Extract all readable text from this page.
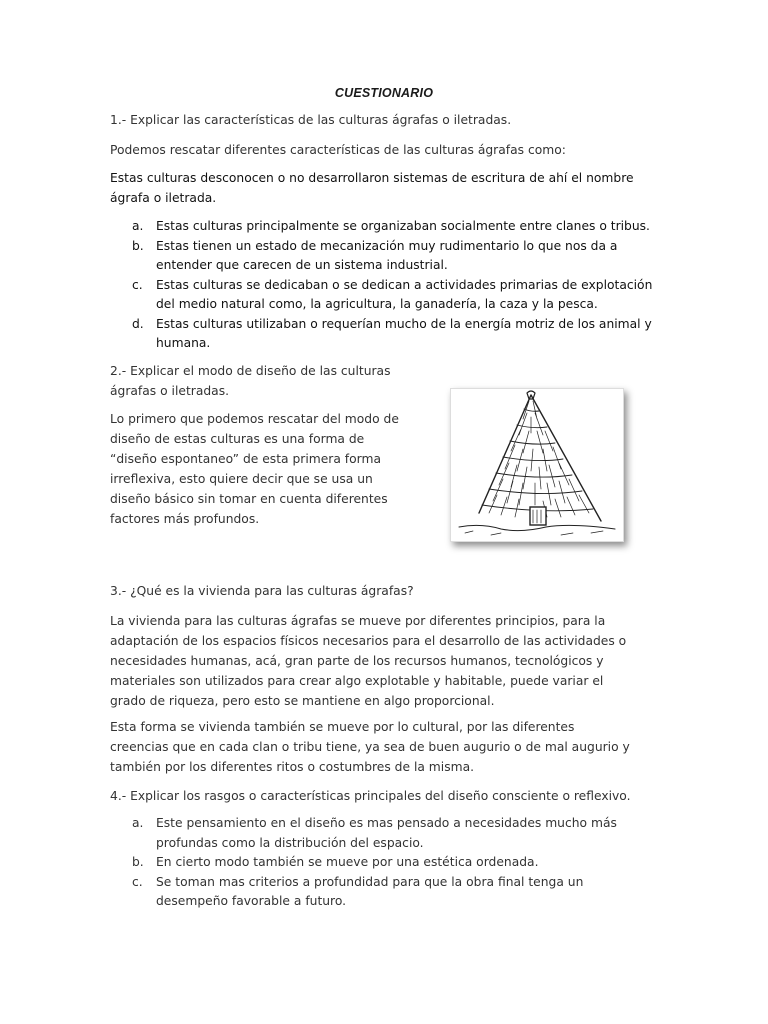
CUESTIONARIO

1.- Explicar las características de las culturas ágrafas o iletradas.

Podemos rescatar diferentes características de las culturas ágrafas como:

Estas culturas desconocen o no desarrollaron sistemas de escritura de ahí el nombre
ágrafa o iletrada.
a. Estas culturas principalmente se organizaban socialmente entre clanes o tribus.
b. Estas tienen un estado de mecanización muy rudimentario lo que nos da a
entender que carecen de un sistema industrial.
c. Estas culturas se dedicaban o se dedican a actividades primarias de explotación
del medio natural como, la agricultura, la ganadería, la caza y la pesca.
d. Estas culturas utilizaban o requerían mucho de la energía motriz de los animal y
humana.
2.- Explicar el modo de diseño de las culturas
ágrafas o iletradas.
Lo primero que podemos rescatar del modo de
diseño de estas culturas es una forma de
“diseño espontaneo” de esta primera forma
irreflexiva, esto quiere decir que se usa un
diseño básico sin tomar en cuenta diferentes
factores más profundos.

3.- ¿Qué es la vivienda para las culturas ágrafas?

La vivienda para las culturas ágrafas se mueve por diferentes principios, para la
adaptación de los espacios físicos necesarios para el desarrollo de las actividades o
necesidades humanas, acá, gran parte de los recursos humanos, tecnológicos y
materiales son utilizados para crear algo explotable y habitable, puede variar el
grado de riqueza, pero esto se mantiene en algo proporcional.
Esta forma se vivienda también se mueve por lo cultural, por las diferentes
creencias que en cada clan o tribu tiene, ya sea de buen augurio o de mal augurio y
también por los diferentes ritos o costumbres de la misma.

4.- Explicar los rasgos o características principales del diseño consciente o reflexivo.

a. Este pensamiento en el diseño es mas pensado a necesidades mucho más
profundas como la distribución del espacio.
b. En cierto modo también se mueve por una estética ordenada.
c. Se toman mas criterios a profundidad para que la obra final tenga un
desempeño favorable a futuro.
